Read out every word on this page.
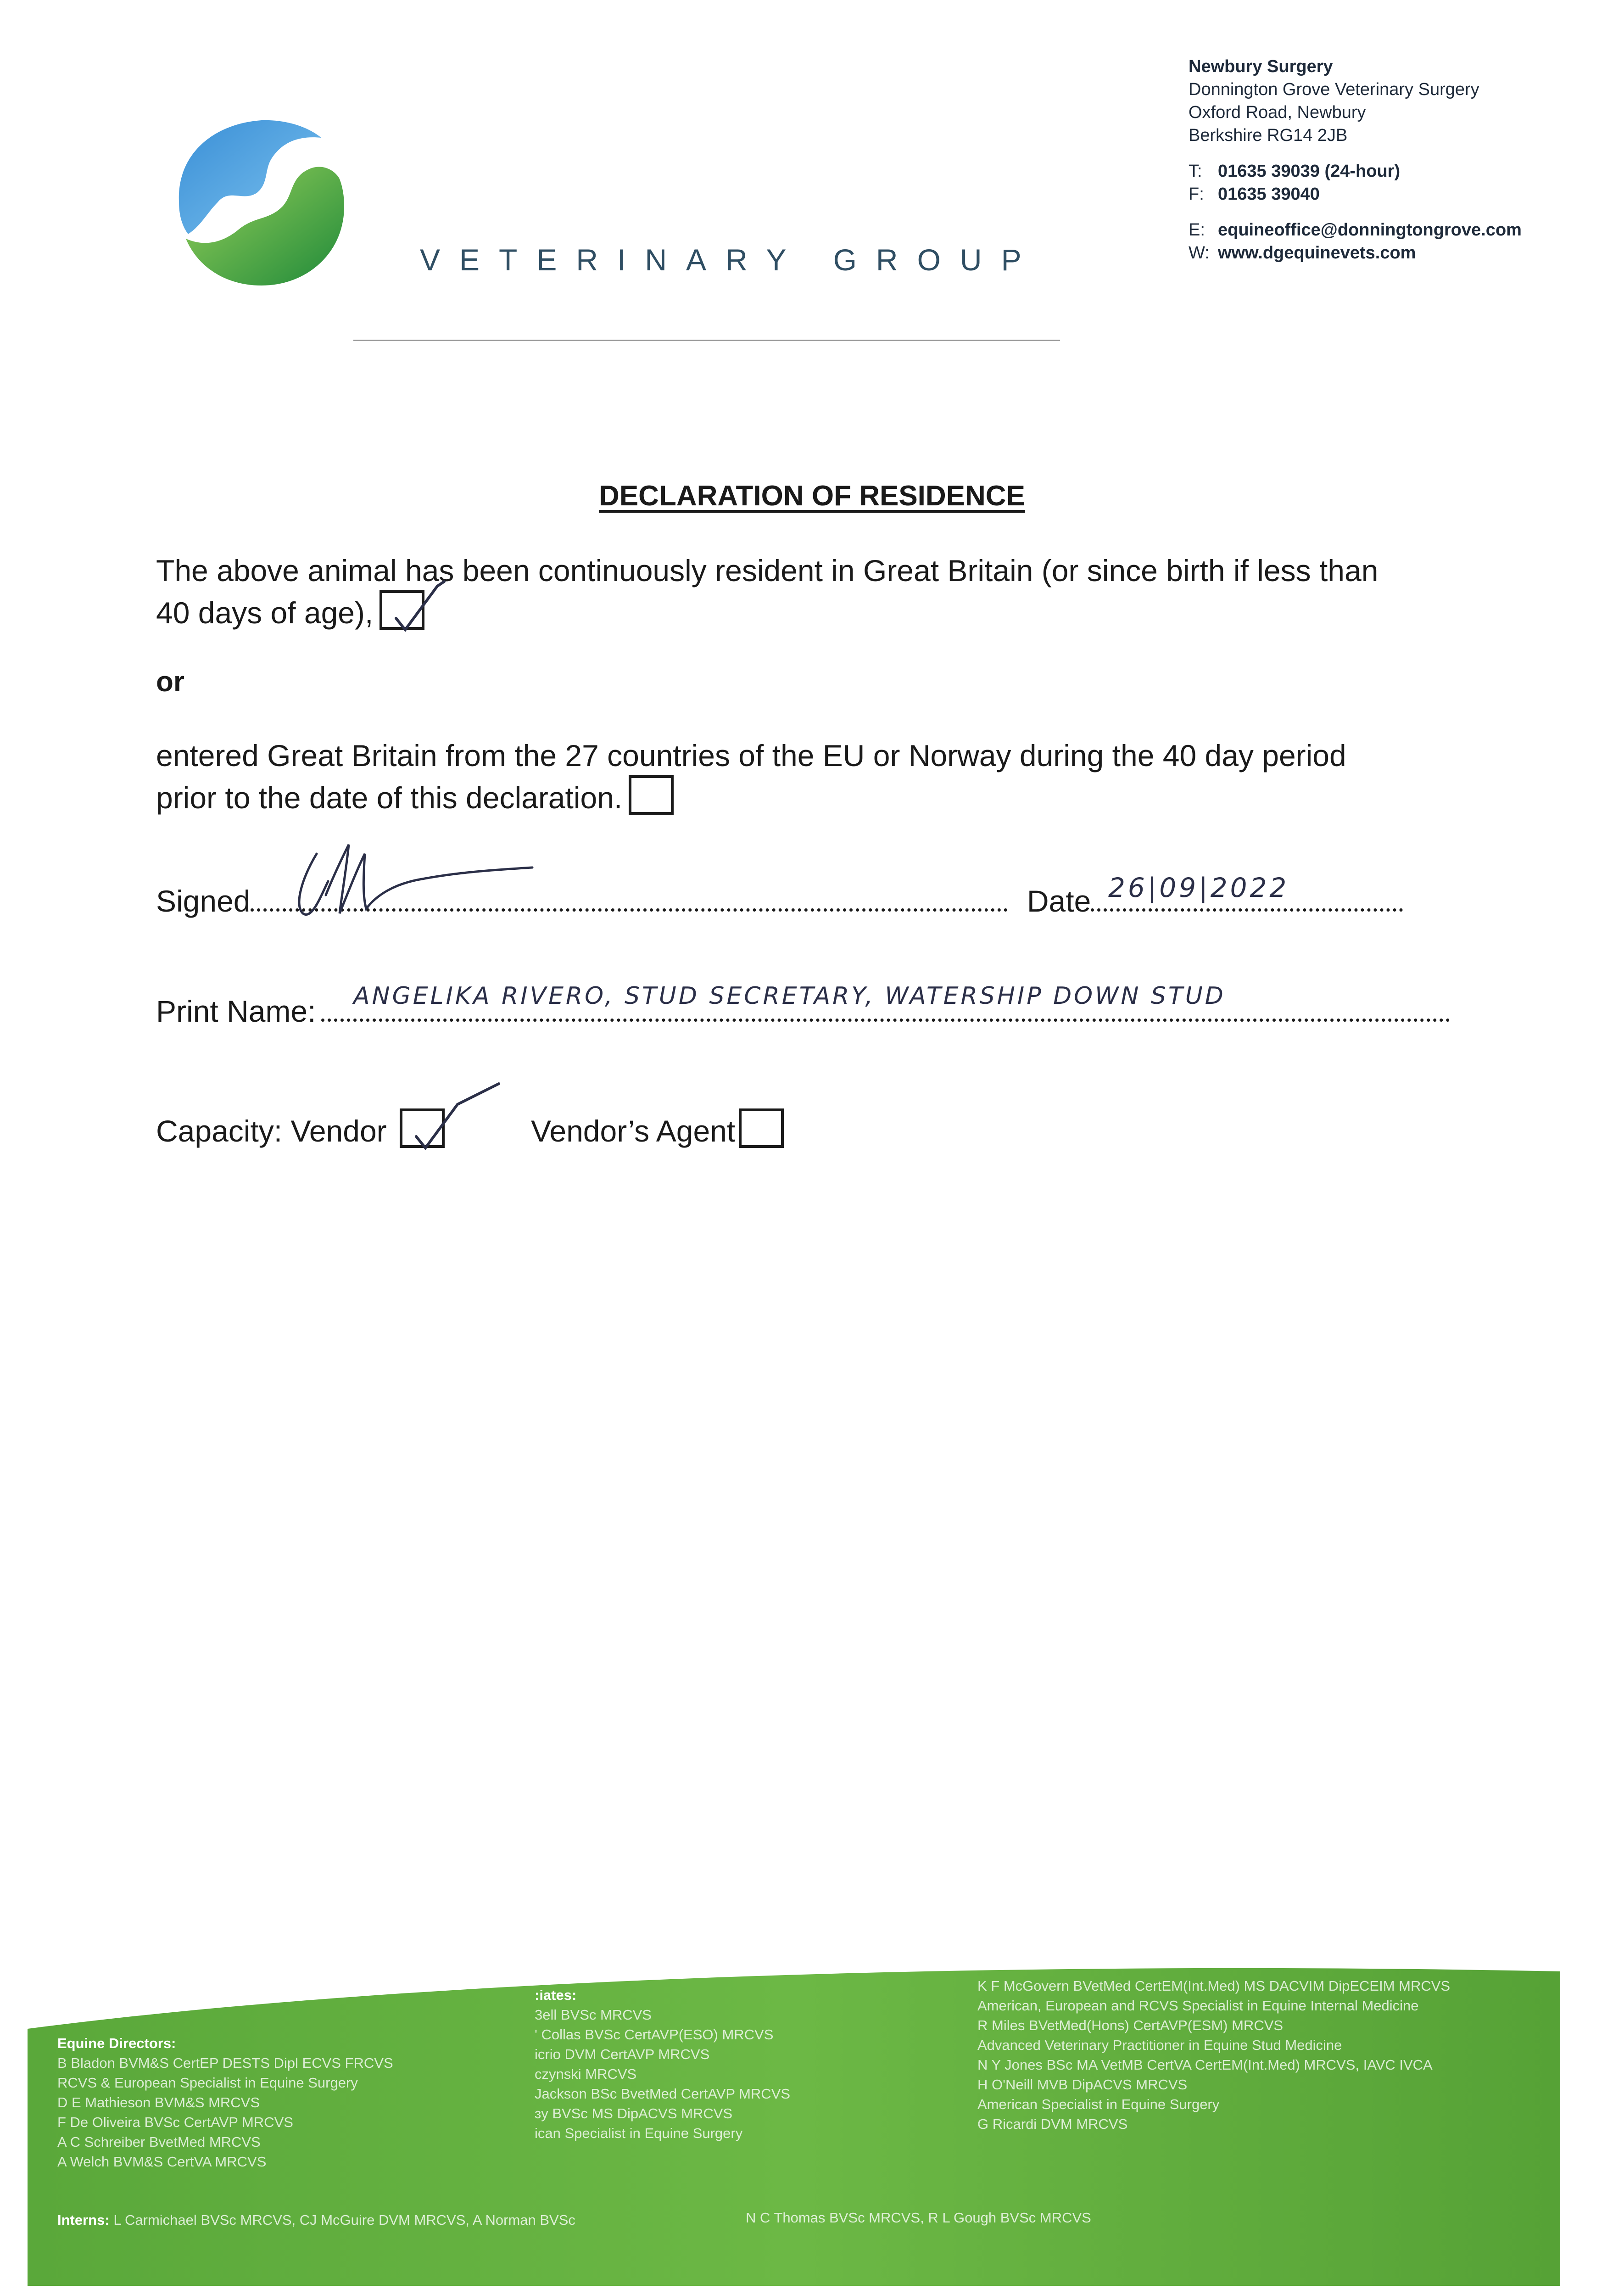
VETERINARY GROUP
Newbury Surgery
Donnington Grove Veterinary Surgery
Oxford Road, Newbury
Berkshire RG14 2JB
T: 01635 39039 (24-hour)
F: 01635 39040
E: equineoffice@donningtongrove.com
W: www.dgequinevets.com
DECLARATION OF RESIDENCE
The above animal has been continuously resident in Great Britain (or since birth if less than
40 days of age),
or
entered Great Britain from the 27 countries of the EU or Norway during the 40 day period
prior to the date of this declaration.
Signed	Date 26|09|2022
Print Name:	ANGELIKA RIVERO, STUD SECRETARY, WATERSHIP DOWN STUD
Capacity: Vendor	Vendor’s Agent
Equine Directors:
B Bladon BVM&S CertEP DESTS Dipl ECVS FRCVS
RCVS & European Specialist in Equine Surgery
D E Mathieson BVM&S MRCVS
F De Oliveira BVSc CertAVP MRCVS
A C Schreiber BvetMed MRCVS
A Welch BVM&S CertVA MRCVS
:iates:
3ell BVSc MRCVS
' Collas BVSc CertAVP(ESO) MRCVS
icrio DVM CertAVP MRCVS
czynski MRCVS
Jackson BSc BvetMed CertAVP MRCVS
ɜy BVSc MS DipACVS MRCVS
ican Specialist in Equine Surgery
K F McGovern BVetMed CertEM(Int.Med) MS DACVIM DipECEIM MRCVS
American, European and RCVS Specialist in Equine Internal Medicine
R Miles BVetMed(Hons) CertAVP(ESM) MRCVS
Advanced Veterinary Practitioner in Equine Stud Medicine
N Y Jones BSc MA VetMB CertVA CertEM(Int.Med) MRCVS, IAVC IVCA
H O'Neill MVB DipACVS MRCVS
American Specialist in Equine Surgery
G Ricardi DVM MRCVS
Interns: L Carmichael BVSc MRCVS, CJ McGuire DVM MRCVS, A Norman BVSc	N C Thomas BVSc MRCVS, R L Gough BVSc MRCVS
